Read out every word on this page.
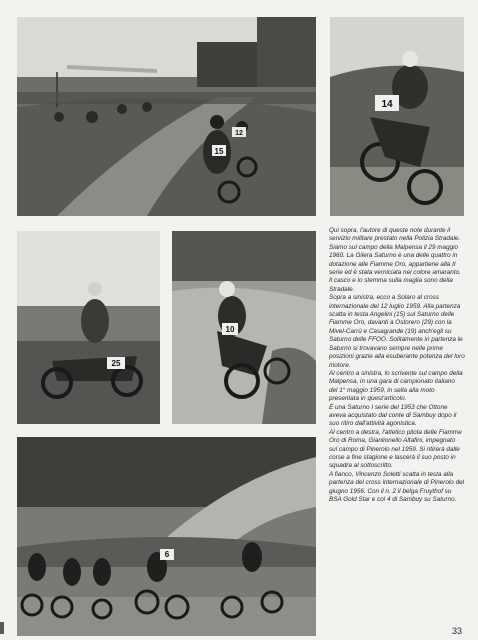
15
12
14
25
10
6

Qui sopra, l'autore di queste note durante il servizio militare prestato nella Polizia Stradale. Siamo sul campo della Malpensa il 29 maggio 1960. La Gilera Saturno è una delle quattro in dotazione alle Fiamme Oro, appartiene alla II serie ed è stata verniciata nel colore amaranto. Il casco e lo stemma sulla maglia sono della Stradale.

Sopra a sinistra, ecco a Solaro al cross internazionale del 12 luglio 1959. Alla partenza scatta in testa Angelini (15) sul Saturno delle Fiamme Oro, davanti a Ostorero (29) con la Mivel-Carrù e Casagrande (19) anch'egli su Saturno delle FFOO. Solitamente in partenza le Saturno si trovavano sempre nelle prime posizioni grazie alla esuberante potenza del loro motore.

Al centro a sinistra, lo scrivente sul campo della Malpensa, in una gara di campionato italiano del 1° maggio 1959, in sella alla moto presentata in quest'articolo.

È una Saturno I serie del 1953 che Ottone aveva acquistato dal conte di Sambuy dopo il suo ritiro dall'attività agonistica.

Al centro a destra, l'atletico pilota delle Fiamme Oro di Roma, Gianlionello Altafini, impegnato sul campo di Pinerolo nel 1959. Si ritirerà dalle corse a fine stagione e lascerà il suo posto in squadra al sottoscritto.

A fianco, Vincenzo Soletti scatta in testa alla partenza del cross internazionale di Pinerolo del giugno 1956. Con il n. 2 il belga Fruythof su BSA Gold Star e col 4 di Sambuy su Saturno.

33
